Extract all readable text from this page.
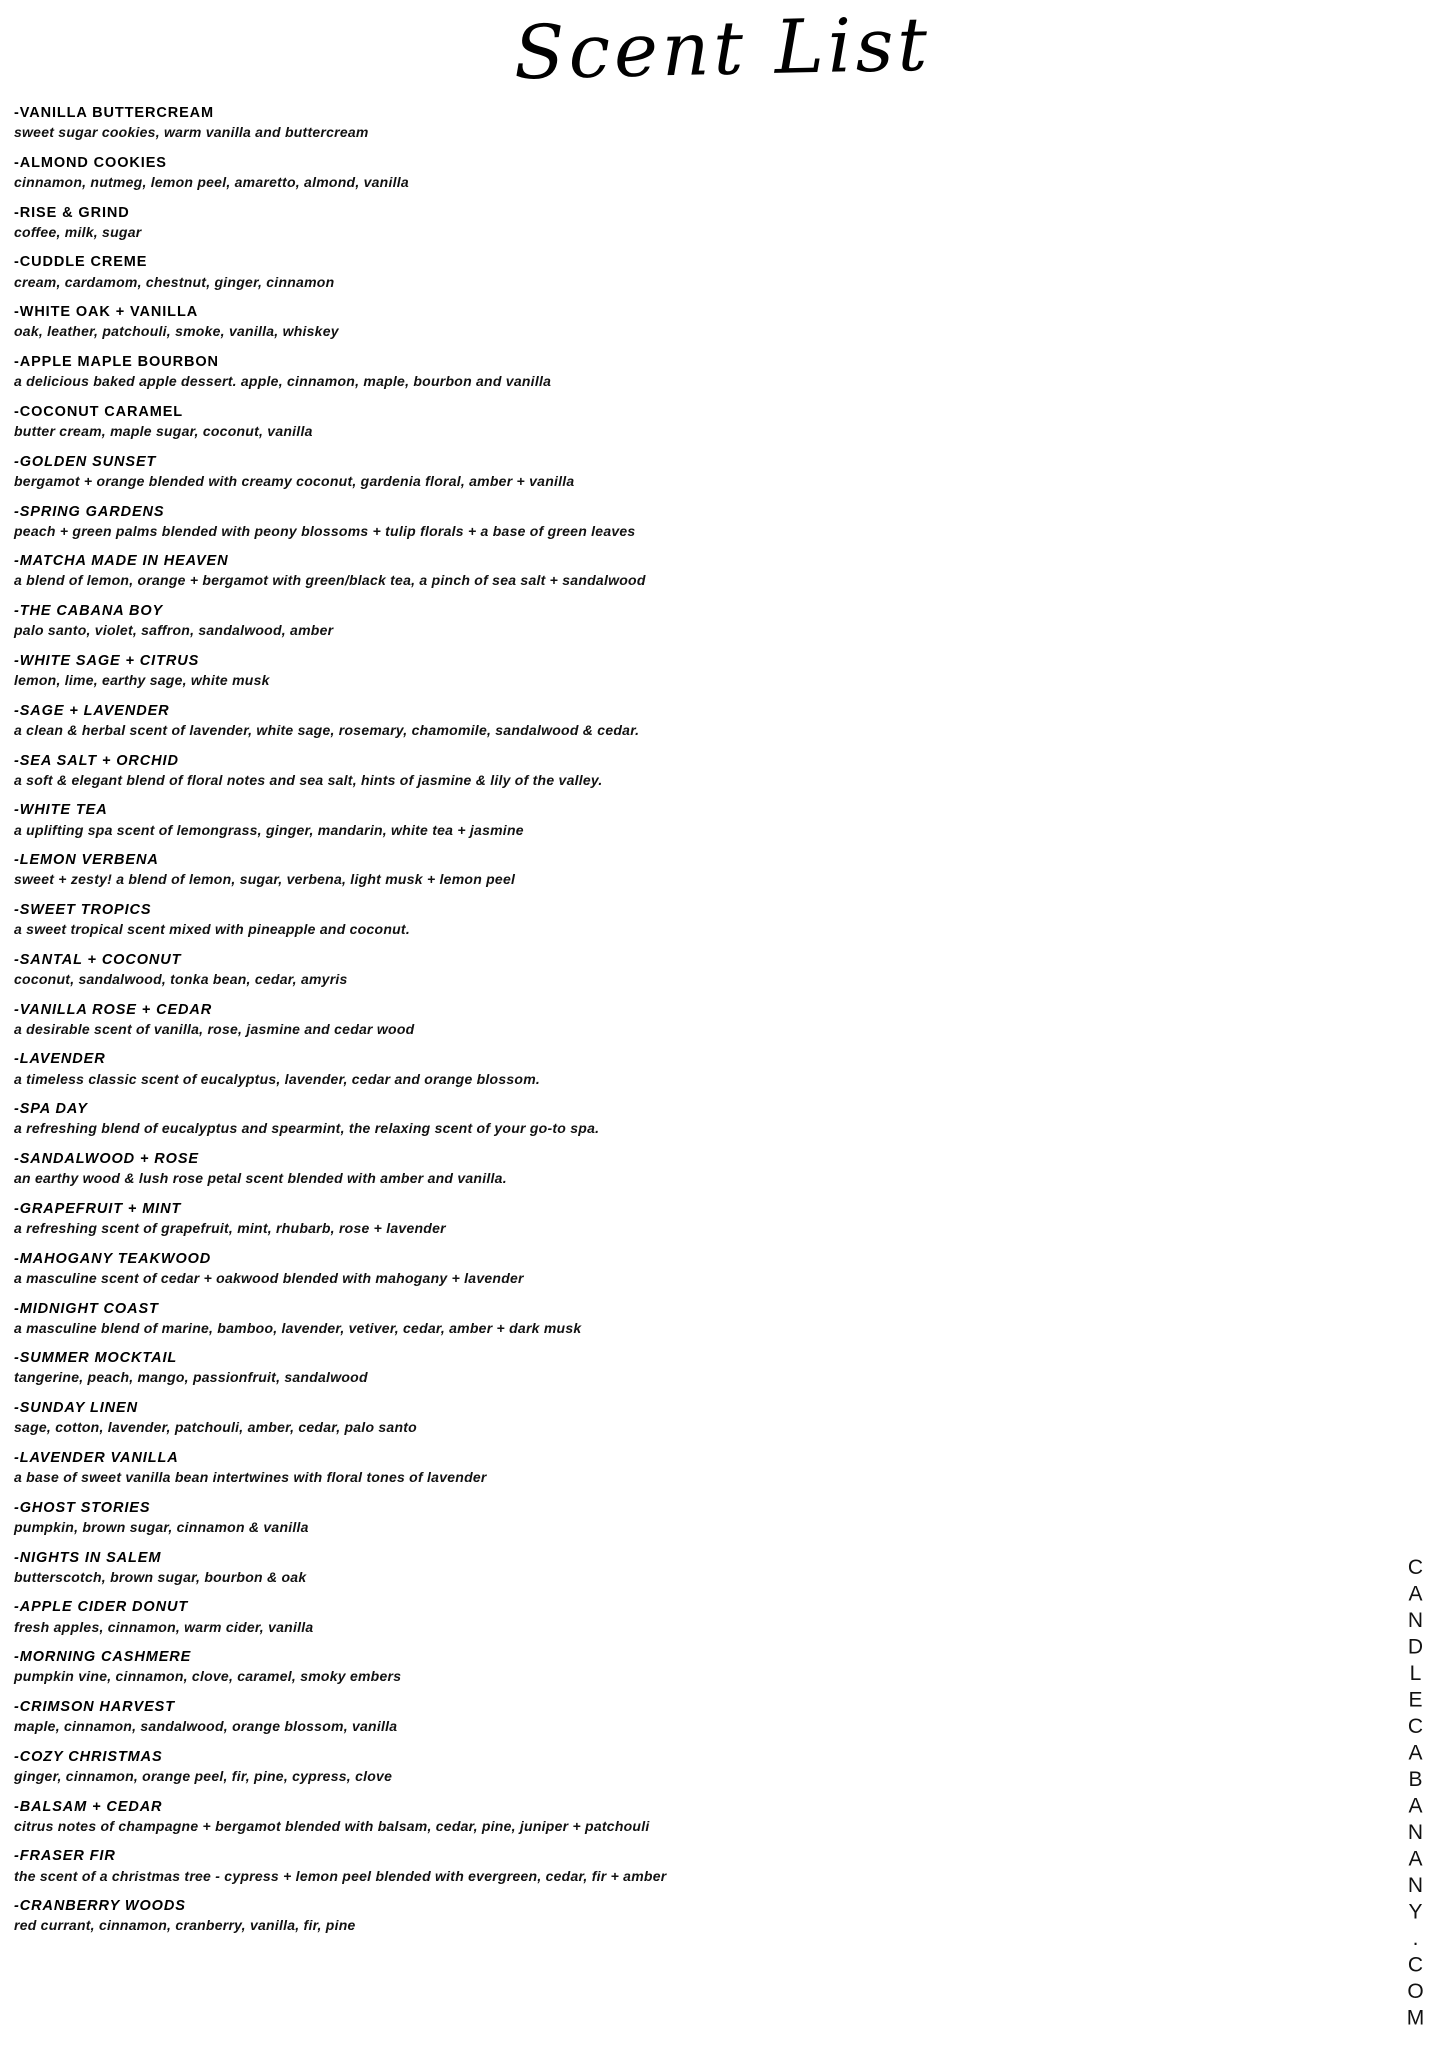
Scent List
-VANILLA BUTTERCREAM
sweet sugar cookies, warm vanilla and buttercream
-ALMOND COOKIES
cinnamon, nutmeg, lemon peel, amaretto, almond, vanilla
-RISE & GRIND
coffee, milk, sugar
-CUDDLE CREME
cream, cardamom, chestnut, ginger, cinnamon
-WHITE OAK + VANILLA
oak, leather, patchouli, smoke, vanilla, whiskey
-APPLE MAPLE BOURBON
a delicious baked apple dessert. apple, cinnamon, maple, bourbon and vanilla
-COCONUT CARAMEL
butter cream, maple sugar, coconut, vanilla
-GOLDEN SUNSET
bergamot + orange blended with creamy coconut, gardenia floral, amber + vanilla
-SPRING GARDENS
peach + green palms blended with peony blossoms + tulip florals + a base of green leaves
-MATCHA MADE IN HEAVEN
a blend of lemon, orange + bergamot with green/black tea, a pinch of sea salt + sandalwood
-THE CABANA BOY
palo santo, violet, saffron, sandalwood, amber
-WHITE SAGE + CITRUS
lemon, lime, earthy sage, white musk
-SAGE + LAVENDER
a clean & herbal scent of lavender, white sage, rosemary, chamomile, sandalwood & cedar.
-SEA SALT + ORCHID
a soft & elegant blend of floral notes and sea salt, hints of jasmine & lily of the valley.
-WHITE TEA
a uplifting spa scent of lemongrass, ginger, mandarin, white tea + jasmine
-LEMON VERBENA
sweet + zesty! a blend of lemon, sugar, verbena, light musk + lemon peel
-SWEET TROPICS
a sweet tropical scent mixed with pineapple and coconut.
-SANTAL + COCONUT
coconut, sandalwood, tonka bean, cedar, amyris
-VANILLA ROSE + CEDAR
a desirable scent of vanilla, rose, jasmine and cedar wood
-LAVENDER
a timeless classic scent of eucalyptus, lavender, cedar and orange blossom.
-SPA DAY
a refreshing blend of eucalyptus and spearmint, the relaxing scent of your go-to spa.
-SANDALWOOD + ROSE
an earthy wood & lush rose petal scent blended with amber and vanilla.
-GRAPEFRUIT + MINT
a refreshing scent of grapefruit, mint, rhubarb, rose + lavender
-MAHOGANY TEAKWOOD
a masculine scent of cedar + oakwood blended with mahogany + lavender
-MIDNIGHT COAST
a masculine blend of marine, bamboo, lavender, vetiver, cedar, amber + dark musk
-SUMMER MOCKTAIL
tangerine, peach, mango, passionfruit, sandalwood
-SUNDAY LINEN
sage, cotton, lavender, patchouli, amber, cedar, palo santo
-LAVENDER VANILLA
a base of sweet vanilla bean intertwines with floral tones of lavender
-GHOST STORIES
pumpkin, brown sugar, cinnamon & vanilla
-NIGHTS IN SALEM
butterscotch, brown sugar, bourbon & oak
-APPLE CIDER DONUT
fresh apples, cinnamon, warm cider, vanilla
-MORNING CASHMERE
pumpkin vine, cinnamon, clove, caramel, smoky embers
-CRIMSON HARVEST
maple, cinnamon, sandalwood, orange blossom, vanilla
-COZY CHRISTMAS
ginger, cinnamon, orange peel, fir, pine, cypress, clove
-BALSAM + CEDAR
citrus notes of champagne + bergamot blended with balsam, cedar, pine, juniper + patchouli
-FRASER FIR
the scent of a christmas tree - cypress + lemon peel blended with evergreen, cedar, fir + amber
-CRANBERRY WOODS
red currant, cinnamon, cranberry, vanilla, fir, pine	CANDLECABANANY.COM
